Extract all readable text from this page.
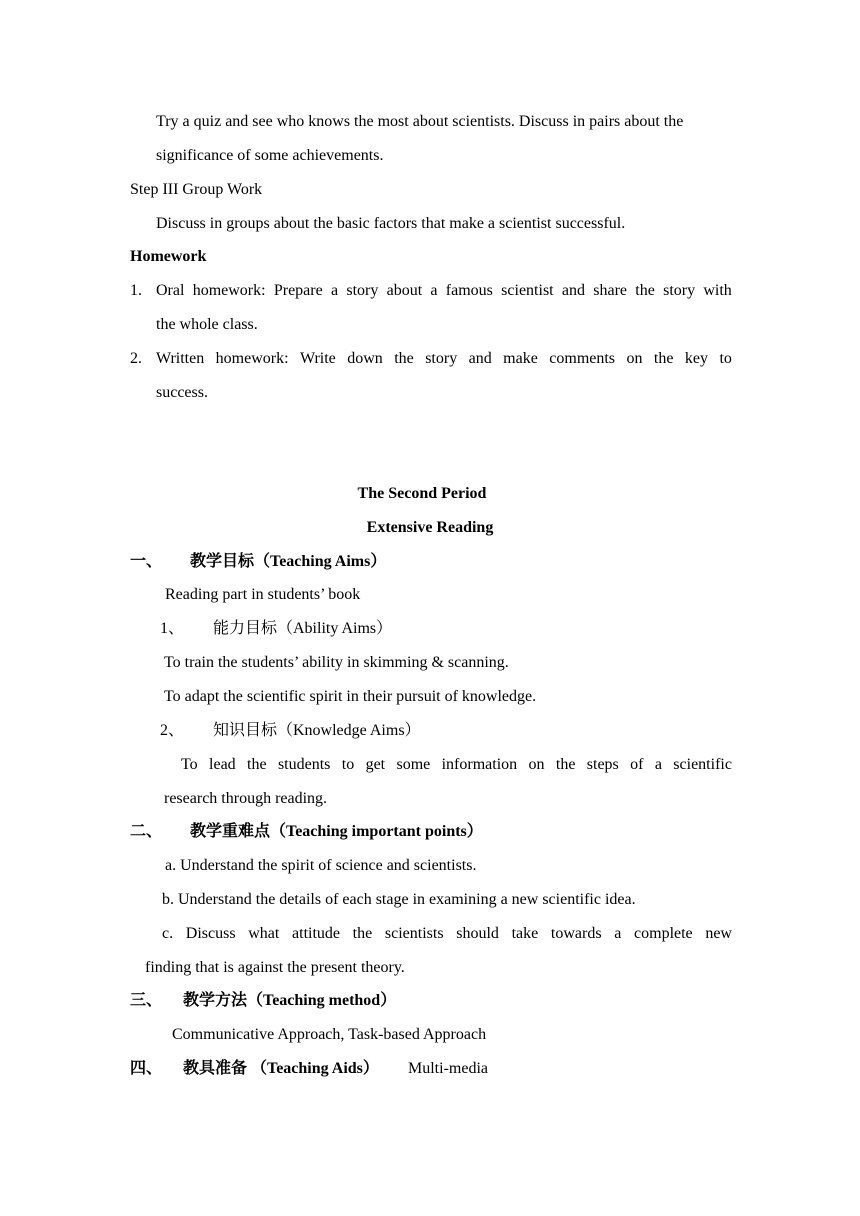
Try a quiz and see who knows the most about scientists. Discuss in pairs about the
significance of some achievements.
Step III Group Work
Discuss in groups about the basic factors that make a scientist successful.
Homework
1. Oral homework: Prepare a story about a famous scientist and share the story with
the whole class.
2. Written homework: Write down the story and make comments on the key to
success.
The Second Period
Extensive Reading
一、 教学目标（Teaching Aims）
Reading part in students’ book
1、 能力目标（Ability Aims）
To train the students’ ability in skimming & scanning.
To adapt the scientific spirit in their pursuit of knowledge.
2、 知识目标（Knowledge Aims）
To lead the students to get some information on the steps of a scientific
research through reading.
二、 教学重难点（Teaching important points）
a. Understand the spirit of science and scientists.
b. Understand the details of each stage in examining a new scientific idea.
c. Discuss what attitude the scientists should take towards a complete new
finding that is against the present theory.
三、 教学方法（Teaching method）
Communicative Approach, Task-based Approach
四、 教具准备 （Teaching Aids） Multi-media
